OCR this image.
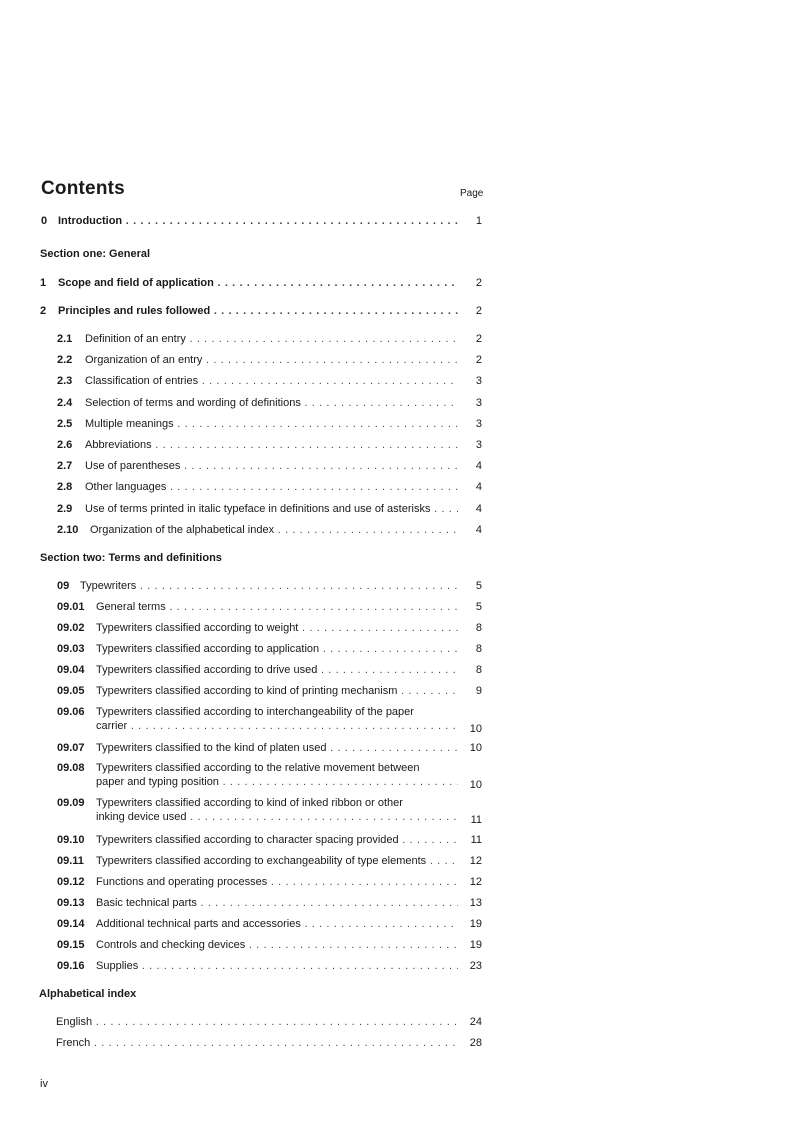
Contents	Page
0 Introduction . . .	1
Section one: General
1 Scope and field of application . . .	2
2 Principles and rules followed . . .	2
2.1 Definition of an entry . . .	2
2.2 Organization of an entry . . .	2
2.3 Classification of entries . . .	3
2.4 Selection of terms and wording of definitions . . .	3
2.5 Multiple meanings . . .	3
2.6 Abbreviations . . .	3
2.7 Use of parentheses . . .	4
2.8 Other languages . . .	4
2.9 Use of terms printed in italic typeface in definitions and use of asterisks . . .	4
2.10 Organization of the alphabetical index . . .	4
Section two: Terms and definitions
09 Typewriters . . .	5
09.01 General terms . . .	5
09.02 Typewriters classified according to weight . . .	8
09.03 Typewriters classified according to application . . .	8
09.04 Typewriters classified according to drive used . . .	8
09.05 Typewriters classified according to kind of printing mechanism . . .	9
09.06 Typewriters classified according to interchangeability of the paper
carrier . . .	10
09.07 Typewriters classified to the kind of platen used . . .	10
09.08 Typewriters classified according to the relative movement between
paper and typing position . . .	10
09.09 Typewriters classified according to kind of inked ribbon or other
inking device used . . .	11
09.10 Typewriters classified according to character spacing provided . . .	11
09.11 Typewriters classified according to exchangeability of type elements . . .	12
09.12 Functions and operating processes . . .	12
09.13 Basic technical parts . . .	13
09.14 Additional technical parts and accessories . . .	19
09.15 Controls and checking devices . . .	19
09.16 Supplies . . .	23
Alphabetical index
English . . .	24
French . . .	28
iv
